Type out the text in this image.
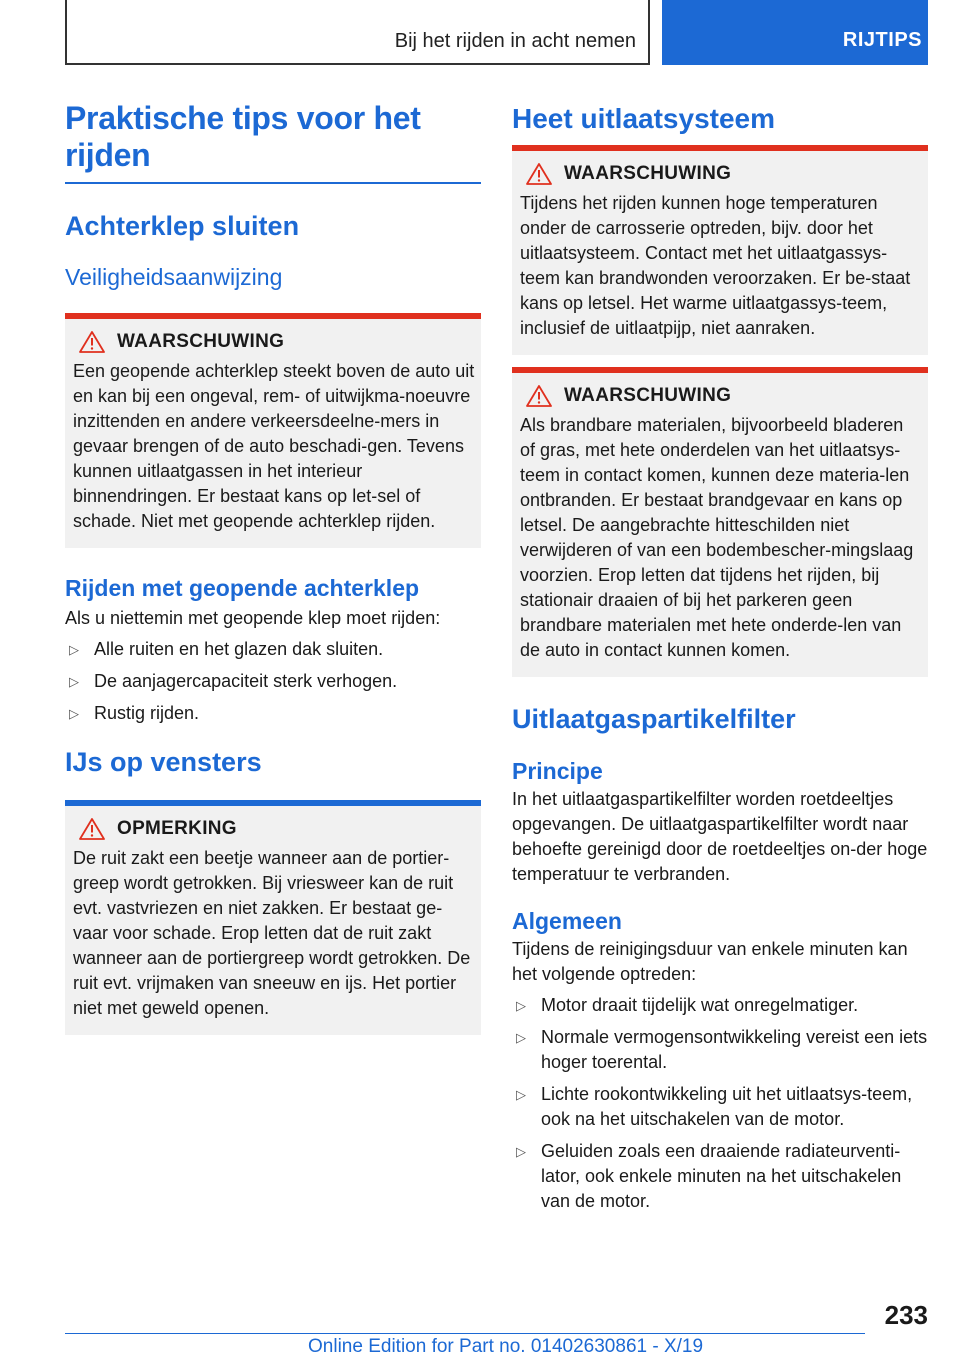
Bij het rijden in acht nemen	RIJTIPS
Praktische tips voor het rijden
Achterklep sluiten
Veiligheidsaanwijzing
WAARSCHUWING
Een geopende achterklep steekt boven de auto uit en kan bij een ongeval, rem- of uitwijkma-noeuvre inzittenden en andere verkeersdeelne-mers in gevaar brengen of de auto beschadi-gen. Tevens kunnen uitlaatgassen in het interieur binnendringen. Er bestaat kans op let-sel of schade. Niet met geopende achterklep rijden.
Rijden met geopende achterklep

Als u niettemin met geopende klep moet rijden:

▷ Alle ruiten en het glazen dak sluiten.
▷ De aanjagercapaciteit sterk verhogen.
▷ Rustig rijden.
IJs op vensters
OPMERKING
De ruit zakt een beetje wanneer aan de portier-greep wordt getrokken. Bij vriesweer kan de ruit evt. vastvriezen en niet zakken. Er bestaat ge-vaar voor schade. Erop letten dat de ruit zakt wanneer aan de portiergreep wordt getrokken. De ruit evt. vrijmaken van sneeuw en ijs. Het portier niet met geweld openen.
Heet uitlaatsysteem
WAARSCHUWING
Tijdens het rijden kunnen hoge temperaturen onder de carrosserie optreden, bijv. door het uitlaatsysteem. Contact met het uitlaatgassys-teem kan brandwonden veroorzaken. Er be-staat kans op letsel. Het warme uitlaatgassys-teem, inclusief de uitlaatpijp, niet aanraken.
WAARSCHUWING
Als brandbare materialen, bijvoorbeeld bladeren of gras, met hete onderdelen van het uitlaatsys-teem in contact komen, kunnen deze materia-len ontbranden. Er bestaat brandgevaar en kans op letsel. De aangebrachte hitteschilden niet verwijderen of van een bodembescher-mingslaag voorzien. Erop letten dat tijdens het rijden, bij stationair draaien of bij het parkeren geen brandbare materialen met hete onderde-len van de auto in contact kunnen komen.
Uitlaatgaspartikelfilter
Principe

In het uitlaatgaspartikelfilter worden roetdeeltjes opgevangen. De uitlaatgaspartikelfilter wordt naar behoefte gereinigd door de roetdeeltjes on-der hoge temperatuur te verbranden.

Algemeen

Tijdens de reinigingsduur van enkele minuten kan het volgende optreden:

▷ Motor draait tijdelijk wat onregelmatiger.
▷ Normale vermogensontwikkeling vereist een iets hoger toerental.
▷ Lichte rookontwikkeling uit het uitlaatsys-teem, ook na het uitschakelen van de motor.
▷ Geluiden zoals een draaiende radiateurventi-lator, ook enkele minuten na het uitschakelen van de motor.
233
Online Edition for Part no. 01402630861 - X/19
